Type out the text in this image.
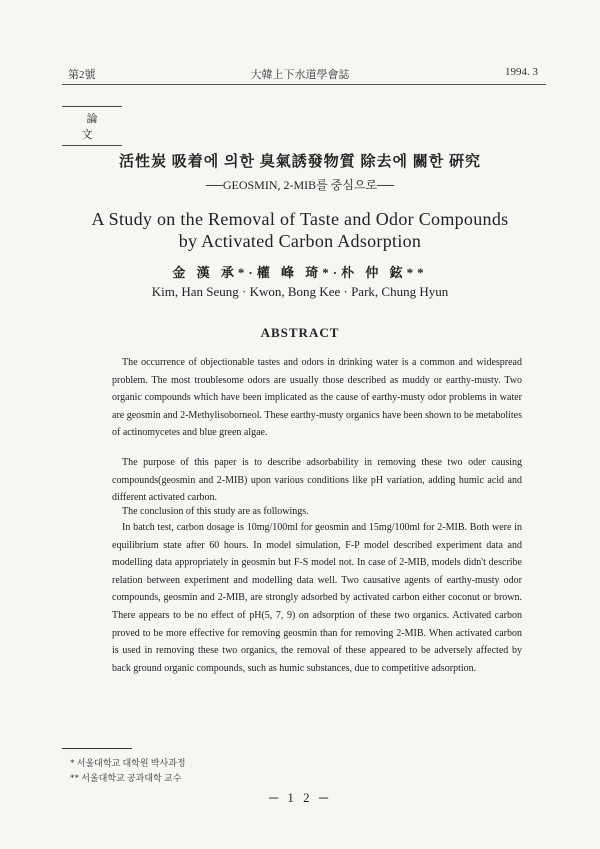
第2號	大韓上下水道學會誌	1994. 3
論 文
活性炭 吸着에 의한 臭氣誘發物質 除去에 關한 硏究
──GEOSMIN, 2-MIB를 중심으로──
A Study on the Removal of Taste and Odor Compounds
by Activated Carbon Adsorption
金 漢 承*·權 峰 琦*·朴 仲 鉉**
Kim, Han Seung · Kwon, Bong Kee · Park, Chung Hyun
ABSTRACT

The occurrence of objectionable tastes and odors in drinking water is a common and widespread problem. The most troublesome odors are usually those described as muddy or earthy-musty. Two organic compounds which have been implicated as the cause of earthy-musty odor problems in water are geosmin and 2-Methylisoborneol. These earthy-musty organics have been shown to be metabolites of actinomycetes and blue green algae.

The purpose of this paper is to describe adsorbability in removing these two oder causing compounds(geosmin and 2-MIB) upon various conditions like pH variation, adding humic acid and different activated carbon.

The conclusion of this study are as followings.

In batch test, carbon dosage is 10mg/100ml for geosmin and 15mg/100ml for 2-MIB. Both were in equilibrium state after 60 hours. In model simulation, F-P model described experiment data and modelling data appropriately in geosmin but F-S model not. In case of 2-MIB, models didn't describe relation between experiment and modelling data well. Two causative agents of earthy-musty odor compounds, geosmin and 2-MIB, are strongly adsorbed by activated carbon either coconut or brown. There appears to be no effect of pH(5, 7, 9) on adsorption of these two organics. Activated carbon proved to be more effective for removing geosmin than for removing 2-MIB. When activated carbon is used in removing these two organics, the removal of these appeared to be adversely affected by back ground organic compounds, such as humic substances, due to competitive adsorption.

* 서울대학교 대학원 박사과정
** 서울대학교 공과대학 교수
─ 1 2 ─
